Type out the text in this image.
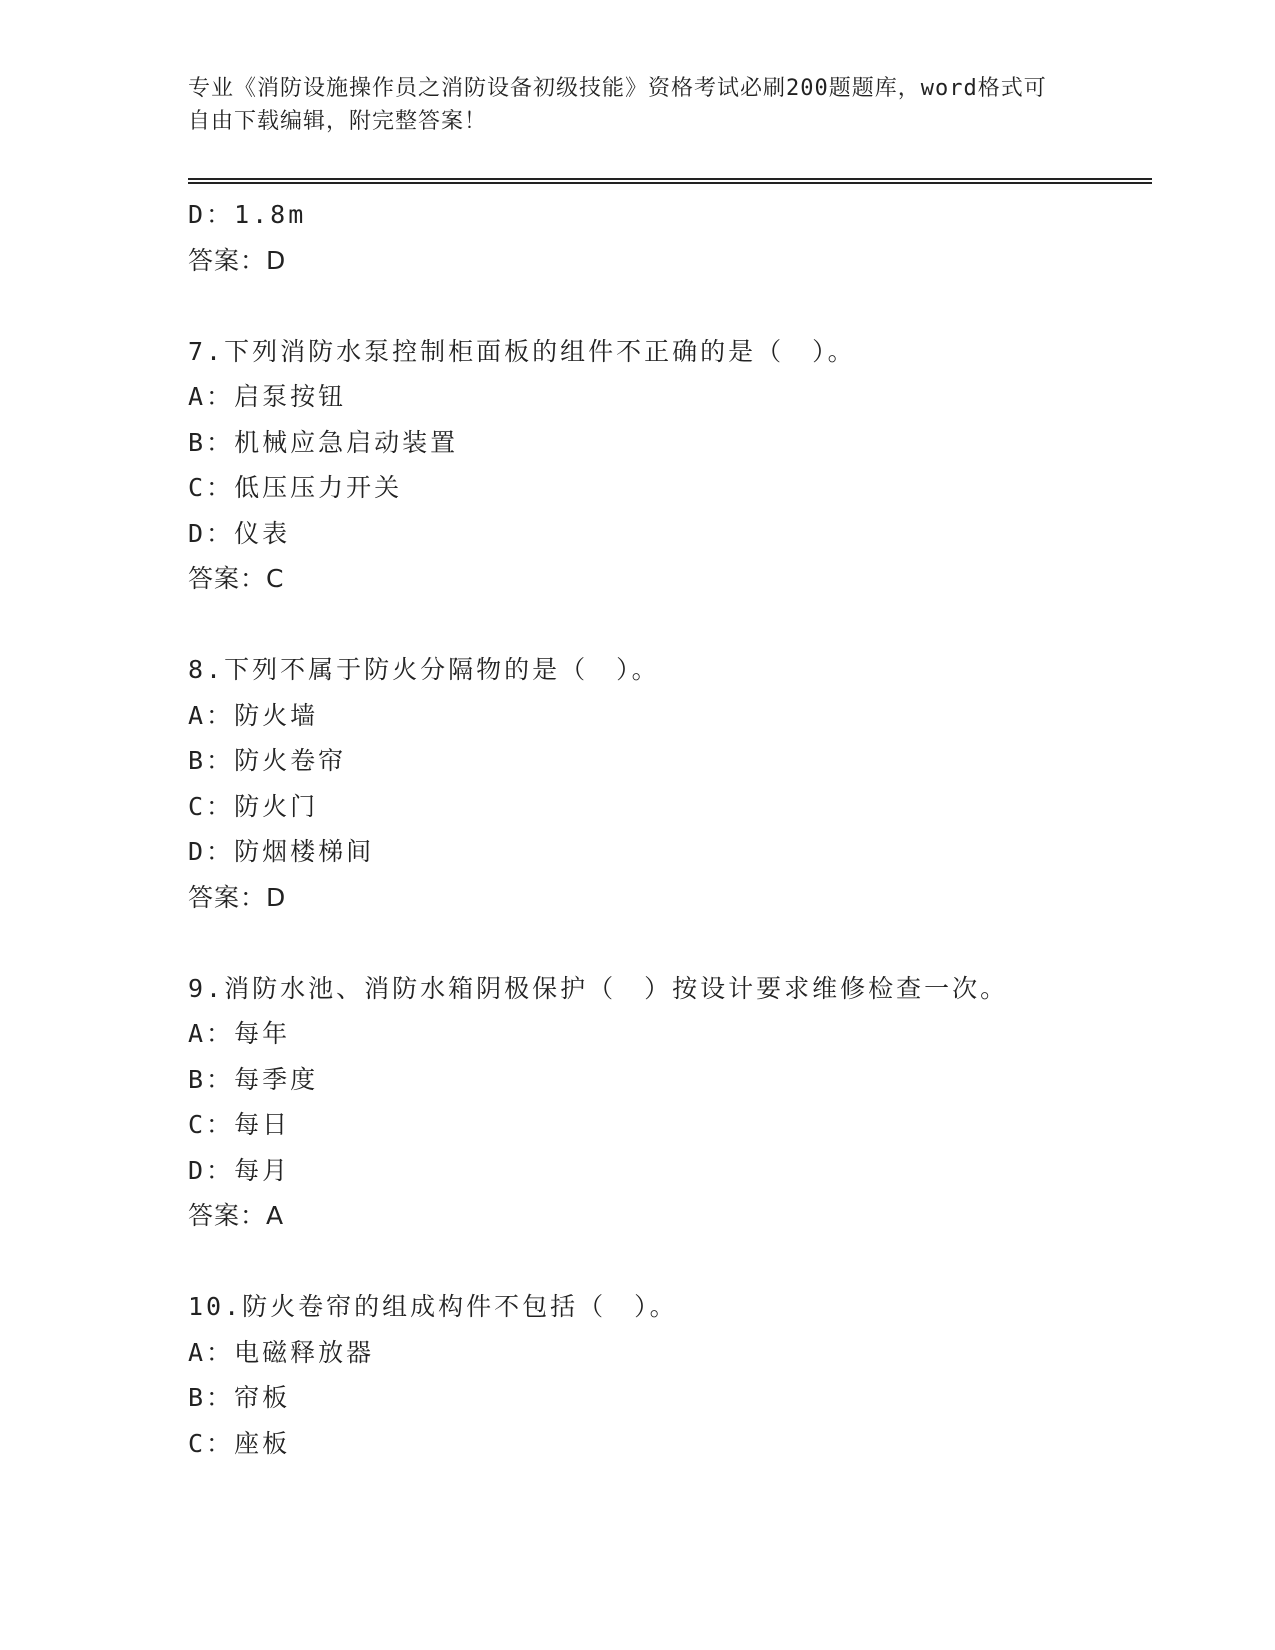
专业《消防设施操作员之消防设备初级技能》资格考试必刷200题题库，word格式可自由下载编辑，附完整答案！
D：1.8m
答案：D
7.下列消防水泵控制柜面板的组件不正确的是（　）。
A：启泵按钮
B：机械应急启动装置
C：低压压力开关
D：仪表
答案：C
8.下列不属于防火分隔物的是（　）。
A：防火墙
B：防火卷帘
C：防火门
D：防烟楼梯间
答案：D
9.消防水池、消防水箱阴极保护（　）按设计要求维修检查一次。
A：每年
B：每季度
C：每日
D：每月
答案：A
10.防火卷帘的组成构件不包括（　）。
A：电磁释放器
B：帘板
C：座板
